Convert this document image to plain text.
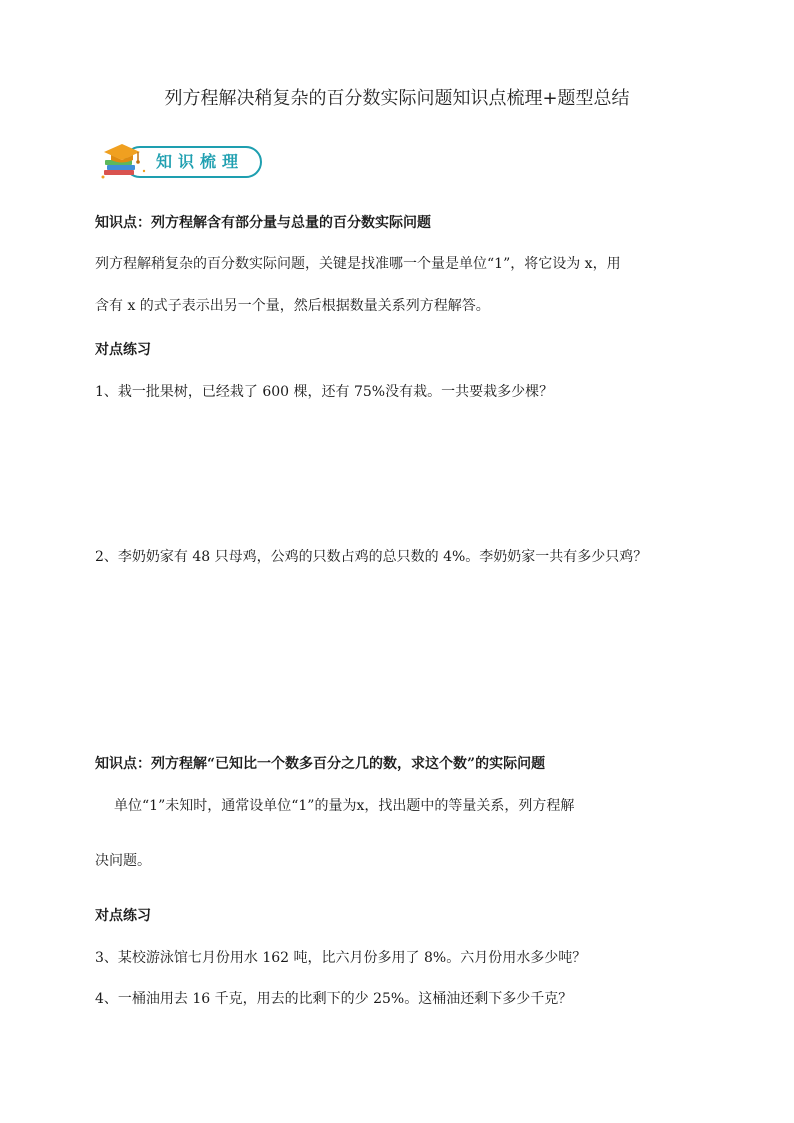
列方程解决稍复杂的百分数实际问题知识点梳理+题型总结
知识梳理
知识点：列方程解含有部分量与总量的百分数实际问题
列方程解稍复杂的百分数实际问题，关键是找准哪一个量是单位“1”，将它设为 x，用
含有 x 的式子表示出另一个量，然后根据数量关系列方程解答。
对点练习
1、栽一批果树，已经栽了 600 棵，还有 75%没有栽。一共要栽多少棵？
2、李奶奶家有 48 只母鸡，公鸡的只数占鸡的总只数的 4%。李奶奶家一共有多少只鸡？
知识点：列方程解“已知比一个数多百分之几的数，求这个数”的实际问题
单位“1”未知时，通常设单位“1”的量为x，找出题中的等量关系，列方程解
决问题。
对点练习
3、某校游泳馆七月份用水 162 吨，比六月份多用了 8%。六月份用水多少吨？
4、一桶油用去 16 千克，用去的比剩下的少 25%。这桶油还剩下多少千克？
